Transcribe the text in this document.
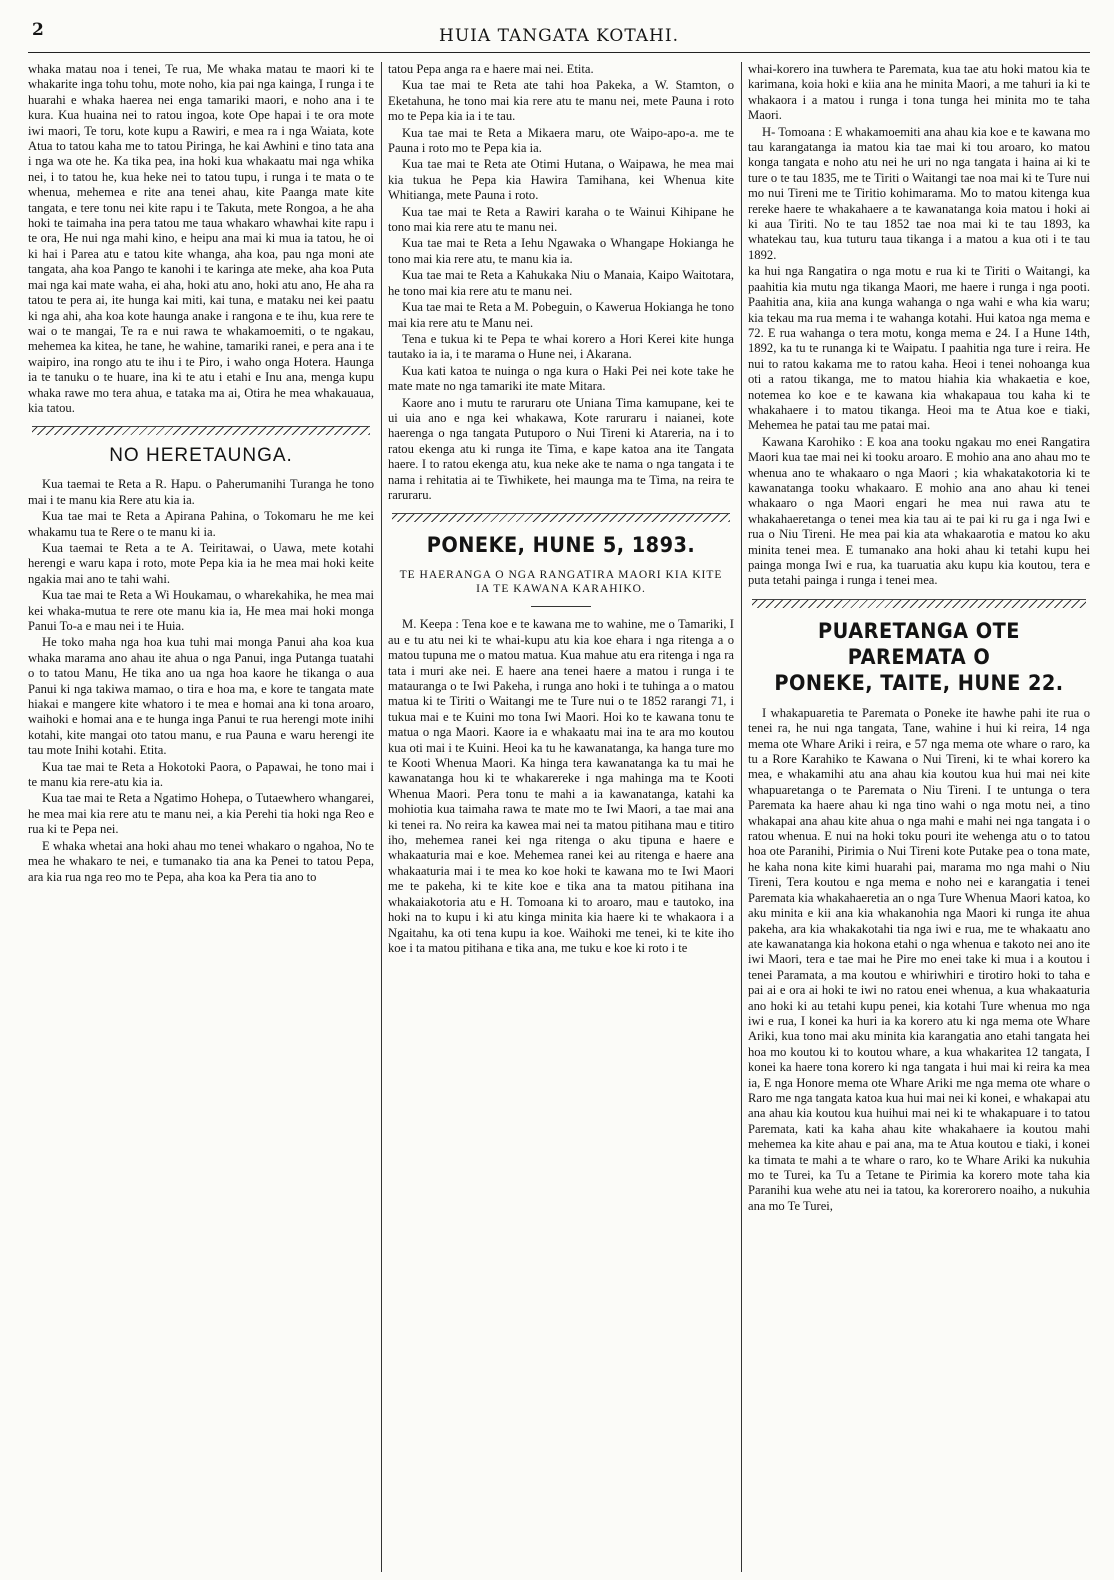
2	HUIA TANGATA KOTAHI.

whaka matau noa i tenei, Te rua, Me whaka matau te maori ki te whakarite inga tohu tohu, mote noho, kia pai nga kainga, I runga i te huarahi e whaka haerea nei enga tamariki maori, e noho ana i te kura. Kua huaina nei to ratou ingoa, kote Ope hapai i te ora mote iwi maori, Te toru, kote kupu a Rawiri, e mea ra i nga Waiata, kote Atua to tatou kaha me to tatou Piringa, he kai Awhini e tino tata ana i nga wa ote he. Ka tika pea, ina hoki kua whakaatu mai nga whika nei, i to tatou he, kua heke nei to tatou tupu, i runga i te mata o te whenua, mehemea e rite ana tenei ahau, kite Paanga mate kite tangata, e tere tonu nei kite rapu i te Takuta, mete Rongoa, a he aha hoki te taimaha ina pera tatou me taua whakaro whawhai kite rapu i te ora, He nui nga mahi kino, e heipu ana mai ki mua ia tatou, he oi ki hai i Parea atu e tatou kite whanga, aha koa, pau nga moni ate tangata, aha koa Pango te kanohi i te karinga ate meke, aha koa Puta mai nga kai mate waha, ei aha, hoki atu ano, hoki atu ano, He aha ra tatou te pera ai, ite hunga kai miti, kai tuna, e mataku nei kei paatu ki nga ahi, aha koa kote haunga anake i rangona e te ihu, kua rere te wai o te mangai, Te ra e nui rawa te whakamoemiti, o te ngakau, mehemea ka kitea, he tane, he wahine, tamariki ranei, e pera ana i te waipiro, ina rongo atu te ihu i te Piro, i waho onga Hotera. Haunga ia te tanuku o te huare, ina ki te atu i etahi e Inu ana, menga kupu whaka rawe mo tera ahua, e tataka ma ai, Otira he mea whakauaua, kia tatou.

NO HERETAUNGA.

Kua taemai te Reta a R. Hapu. o Paherumanihi Turanga he tono mai i te manu kia Rere atu kia ia.

Kua tae mai te Reta a Apirana Pahina, o Tokomaru he me kei whakamu tua te Rere o te manu ki ia.

Kua taemai te Reta a te A. Teiritawai, o Uawa, mete kotahi herengi e waru kapa i roto, mote Pepa kia ia he mea mai hoki keite ngakia mai ano te tahi wahi.

Kua tae mai te Reta a Wi Houkamau, o wharekahika, he mea mai kei whaka-mutua te rere ote manu kia ia, He mea mai hoki monga Panui To-a e mau nei i te Huia.

He toko maha nga hoa kua tuhi mai monga Panui aha koa kua whaka marama ano ahau ite ahua o nga Panui, inga Putanga tuatahi o to tatou Manu, He tika ano ua nga hoa kaore he tikanga o aua Panui ki nga takiwa mamao, o tira e hoa ma, e kore te tangata mate hiakai e mangere kite whatoro i te mea e homai ana ki tona aroaro, waihoki e homai ana e te hunga inga Panui te rua herengi mote inihi kotahi, kite mangai oto tatou manu, e rua Pauna e waru herengi ite tau mote Inihi kotahi. Etita.

Kua tae mai te Reta a Hokotoki Paora, o Papawai, he tono mai i te manu kia rere-atu kia ia.

Kua tae mai te Reta a Ngatimo Hohepa, o Tutaewhero whangarei, he mea mai kia rere atu te manu nei, a kia Perehi tia hoki nga Reo e rua ki te Pepa nei.

E whaka whetai ana hoki ahau mo tenei whakaro o ngahoa, No te mea he whakaro te nei, e tumanako tia ana ka Penei to tatou Pepa, ara kia rua nga reo mo te Pepa, aha koa ka Pera tia ano to

tatou Pepa anga ra e haere mai nei. Etita.

Kua tae mai te Reta ate tahi hoa Pakeka, a W. Stamton, o Eketahuna, he tono mai kia rere atu te manu nei, mete Pauna i roto mo te Pepa kia ia i te tau.

Kua tae mai te Reta a Mikaera maru, ote Waipo-apo-a. me te Pauna i roto mo te Pepa kia ia.

Kua tae mai te Reta ate Otimi Hutana, o Waipawa, he mea mai kia tukua he Pepa kia Hawira Tamihana, kei Whenua kite Whitianga, mete Pauna i roto.

Kua tae mai te Reta a Rawiri karaha o te Wainui Kihipane he tono mai kia rere atu te manu nei.

Kua tae mai te Reta a Iehu Ngawaka o Whangape Hokianga he tono mai kia rere atu, te manu kia ia.

Kua tae mai te Reta a Kahukaka Niu o Manaia, Kaipo Waitotara, he tono mai kia rere atu te manu nei.

Kua tae mai te Reta a M. Pobeguin, o Kawerua Hokianga he tono mai kia rere atu te Manu nei.

Tena e tukua ki te Pepa te whai korero a Hori Kerei kite hunga tautako ia ia, i te marama o Hune nei, i Akarana.

Kua kati katoa te nuinga o nga kura o Haki Pei nei kote take he mate mate no nga tamariki ite mate Mitara.

Kaore ano i mutu te raruraru ote Uniana Tima kamupane, kei te ui uia ano e nga kei whakawa, Kote raruraru i naianei, kote haerenga o nga tangata Putuporo o Nui Tireni ki Atareria, na i to ratou ekenga atu ki runga ite Tima, e kape katoa ana ite Tangata haere. I to ratou ekenga atu, kua neke ake te nama o nga tangata i te nama i rehitatia ai te Tiwhikete, hei maunga ma te Tima, na reira te raruraru.

PONEKE, HUNE 5, 1893.
TE HAERANGA O NGA RANGATIRA MAORI KIA KITE IA TE KAWANA KARAHIKO.

M. Keepa : Tena koe e te kawana me to wahine, me o Tamariki, I au e tu atu nei ki te whai-kupu atu kia koe ehara i nga ritenga a o matou tupuna me o matou matua. Kua mahue atu era ritenga i nga ra tata i muri ake nei. E haere ana tenei haere a matou i runga i te matauranga o te Iwi Pakeha, i runga ano hoki i te tuhinga a o matou matua ki te Tiriti o Waitangi me te Ture nui o te 1852 rarangi 71, i tukua mai e te Kuini mo tona Iwi Maori. Hoi ko te kawana tonu te matua o nga Maori. Kaore ia e whakaatu mai ina te ara mo koutou kua oti mai i te Kuini. Heoi ka tu he kawanatanga, ka hanga ture mo te Kooti Whenua Maori. Ka hinga tera kawanatanga ka tu mai he kawanatanga hou ki te whakarereke i nga mahinga ma te Kooti Whenua Maori. Pera tonu te mahi a ia kawanatanga, katahi ka mohiotia kua taimaha rawa te mate mo te Iwi Maori, a tae mai ana ki tenei ra. No reira ka kawea mai nei ta matou pitihana mau e titiro iho, mehemea ranei kei nga ritenga o aku tipuna e haere e whakaaturia mai e koe. Mehemea ranei kei au ritenga e haere ana whakaaturia mai i te mea ko koe hoki te kawana mo te Iwi Maori me te pakeha, ki te kite koe e tika ana ta matou pitihana ina whakaiakotoria atu e H. Tomoana ki to aroaro, mau e tautoko, ina hoki na to kupu i ki atu kinga minita kia haere ki te whakaora i a Ngaitahu, ka oti tena kupu ia koe. Waihoki me tenei, ki te kite iho koe i ta matou pitihana e tika ana, me tuku e koe ki roto i te

whai-korero ina tuwhera te Paremata, kua tae atu hoki matou kia te karimana, koia hoki e kiia ana he minita Maori, a me tahuri ia ki te whakaora i a matou i runga i tona tunga hei minita mo te taha Maori.

H- Tomoana : E whakamoemiti ana ahau kia koe e te kawana mo tau karangatanga ia matou kia tae mai ki tou aroaro, ko matou konga tangata e noho atu nei he uri no nga tangata i haina ai ki te ture o te tau 1835, me te Tiriti o Waitangi tae noa mai ki te Ture nui mo nui Tireni me te Tiritio kohimarama. Mo to matou kitenga kua rereke haere te whakahaere a te kawanatanga koia matou i hoki ai ki aua Tiriti. No te tau 1852 tae noa mai ki te tau 1893, ka whatekau tau, kua tuturu taua tikanga i a matou a kua oti i te tau 1892.

ka hui nga Rangatira o nga motu e rua ki te Tiriti o Waitangi, ka paahitia kia mutu nga tikanga Maori, me haere i runga i nga pooti. Paahitia ana, kiia ana kunga wahanga o nga wahi e wha kia waru; kia tekau ma rua mema i te wahanga kotahi. Hui katoa nga mema e 72. E rua wahanga o tera motu, konga mema e 24. I a Hune 14th, 1892, ka tu te runanga ki te Waipatu. I paahitia nga ture i reira. He nui to ratou kakama me to ratou kaha. Heoi i tenei nohoanga kua oti a ratou tikanga, me to matou hiahia kia whakaetia e koe, notemea ko koe e te kawana kia whakapaua tou kaha ki te whakahaere i to matou tikanga. Heoi ma te Atua koe e tiaki, Mehemea he patai tau me patai mai.

Kawana Karohiko : E koa ana tooku ngakau mo enei Rangatira Maori kua tae mai nei ki tooku aroaro. E mohio ana ano ahau mo te whenua ano te whakaaro o nga Maori ; kia whakatakotoria ki te kawanatanga tooku whakaaro. E mohio ana ano ahau ki tenei whakaaro o nga Maori engari he mea nui rawa atu te whakahaeretanga o tenei mea kia tau ai te pai ki ru ga i nga Iwi e rua o Niu Tireni. He mea pai kia ata whakaarotia e matou ko aku minita tenei mea. E tumanako ana hoki ahau ki tetahi kupu hei painga monga Iwi e rua, ka tuaruatia aku kupu kia koutou, tera e puta tetahi painga i runga i tenei mea.

PUARETANGA OTE PAREMATA O
PONEKE, TAITE, HUNE 22.

I whakapuaretia te Paremata o Poneke ite hawhe pahi ite rua o tenei ra, he nui nga tangata, Tane, wahine i hui ki reira, 14 nga mema ote Whare Ariki i reira, e 57 nga mema ote whare o raro, ka tu a Rore Karahiko te Kawana o Nui Tireni, ki te whai korero ka mea, e whakamihi atu ana ahau kia koutou kua hui mai nei kite whapuaretanga o te Paremata o Niu Tireni. I te untunga o tera Paremata ka haere ahau ki nga tino wahi o nga motu nei, a tino whakapai ana ahau kite ahua o nga mahi e mahi nei nga tangata i o ratou whenua. E nui na hoki toku pouri ite wehenga atu o to tatou hoa ote Paranihi, Pirimia o Nui Tireni kote Putake pea o tona mate, he kaha nona kite kimi huarahi pai, marama mo nga mahi o Niu Tireni, Tera koutou e nga mema e noho nei e karangatia i tenei Paremata kia whakahaeretia an o nga Ture Whenua Maori katoa, ko aku minita e kii ana kia whakanohia nga Maori ki runga ite ahua pakeha, ara kia whakakotahi tia nga iwi e rua, me te whakaatu ano ate kawanatanga kia hokona etahi o nga whenua e takoto nei ano ite iwi Maori, tera e tae mai he Pire mo enei take ki mua i a koutou i tenei Paramata, a ma koutou e whiriwhiri e tirotiro hoki to taha e pai ai e ora ai hoki te iwi no ratou enei whenua, a kua whakaaturia ano hoki ki au tetahi kupu penei, kia kotahi Ture whenua mo nga iwi e rua, I konei ka huri ia ka korero atu ki nga mema ote Whare Ariki, kua tono mai aku minita kia karangatia ano etahi tangata hei hoa mo koutou ki to koutou whare, a kua whakaritea 12 tangata, I konei ka haere tona korero ki nga tangata i hui mai ki reira ka mea ia, E nga Honore mema ote Whare Ariki me nga mema ote whare o Raro me nga tangata katoa kua hui mai nei ki konei, e whakapai atu ana ahau kia koutou kua huihui mai nei ki te whakapuare i to tatou Paremata, kati ka kaha ahau kite whakahaere ia koutou mahi mehemea ka kite ahau e pai ana, ma te Atua koutou e tiaki, i konei ka timata te mahi a te whare o raro, ko te Whare Ariki ka nukuhia mo te Turei, ka Tu a Tetane te Pirimia ka korero mote taha kia Paranihi kua wehe atu nei ia tatou, ka korerorero noaiho, a nukuhia ana mo Te Turei,
